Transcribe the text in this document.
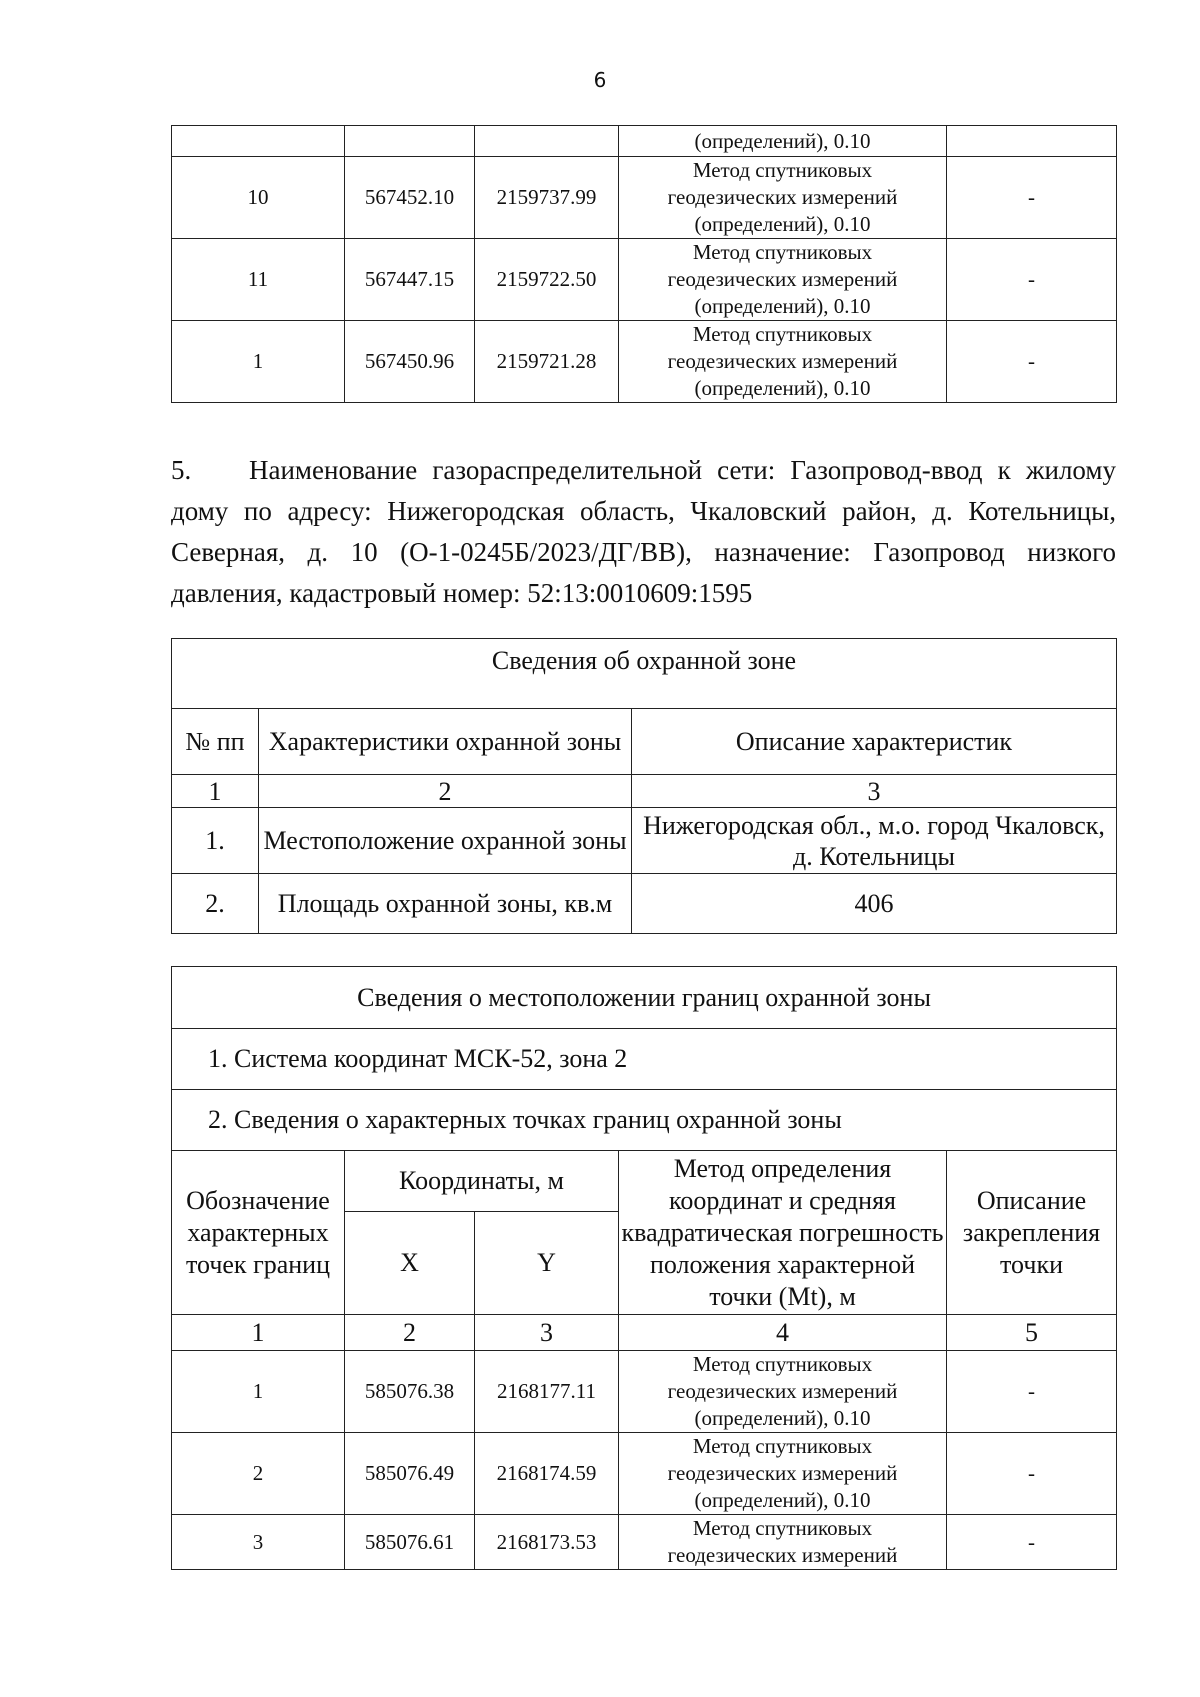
6

			(определений), 0.10	

10	567452.10	2159737.99	Метод спутниковых
геодезических измерений
(определений), 0.10	-
11	567447.15	2159722.50	Метод спутниковых
геодезических измерений
(определений), 0.10	-
1	567450.96	2159721.28	Метод спутниковых
геодезических измерений
(определений), 0.10	-
5. Наименование газораспределительной сети: Газопровод-ввод к жилому дому по адресу: Нижегородская область, Чкаловский район, д. Котельницы, Северная, д. 10 (О-1-0245Б/2023/ДГ/ВВ), назначение: Газопровод низкого давления, кадастровый номер: 52:13:0010609:1595
Сведения об охранной зоне		
№ пп	Характеристики охранной зоны	Описание характеристик
1	2	3
1.	Местоположение охранной зоны	Нижегородская обл., м.о. город Чкаловск, д. Котельницы
2.	Площадь охранной зоны, кв.м	406
Сведения о местоположении границ охранной зоны				
1. Система координат МСК-52, зона 2				
2. Сведения о характерных точках границ охранной зоны				
Обозначение характерных точек границ	Координаты, м		Метод определения координат и средняя квадратическая погрешность положения характерной точки (Mt), м	Описание закрепления точки
	X	Y		
1	2	3	4	5
1	585076.38	2168177.11	Метод спутниковых
геодезических измерений
(определений), 0.10	-
2	585076.49	2168174.59	Метод спутниковых
геодезических измерений
(определений), 0.10	-
3	585076.61	2168173.53	Метод спутниковых
геодезических измерений	-
